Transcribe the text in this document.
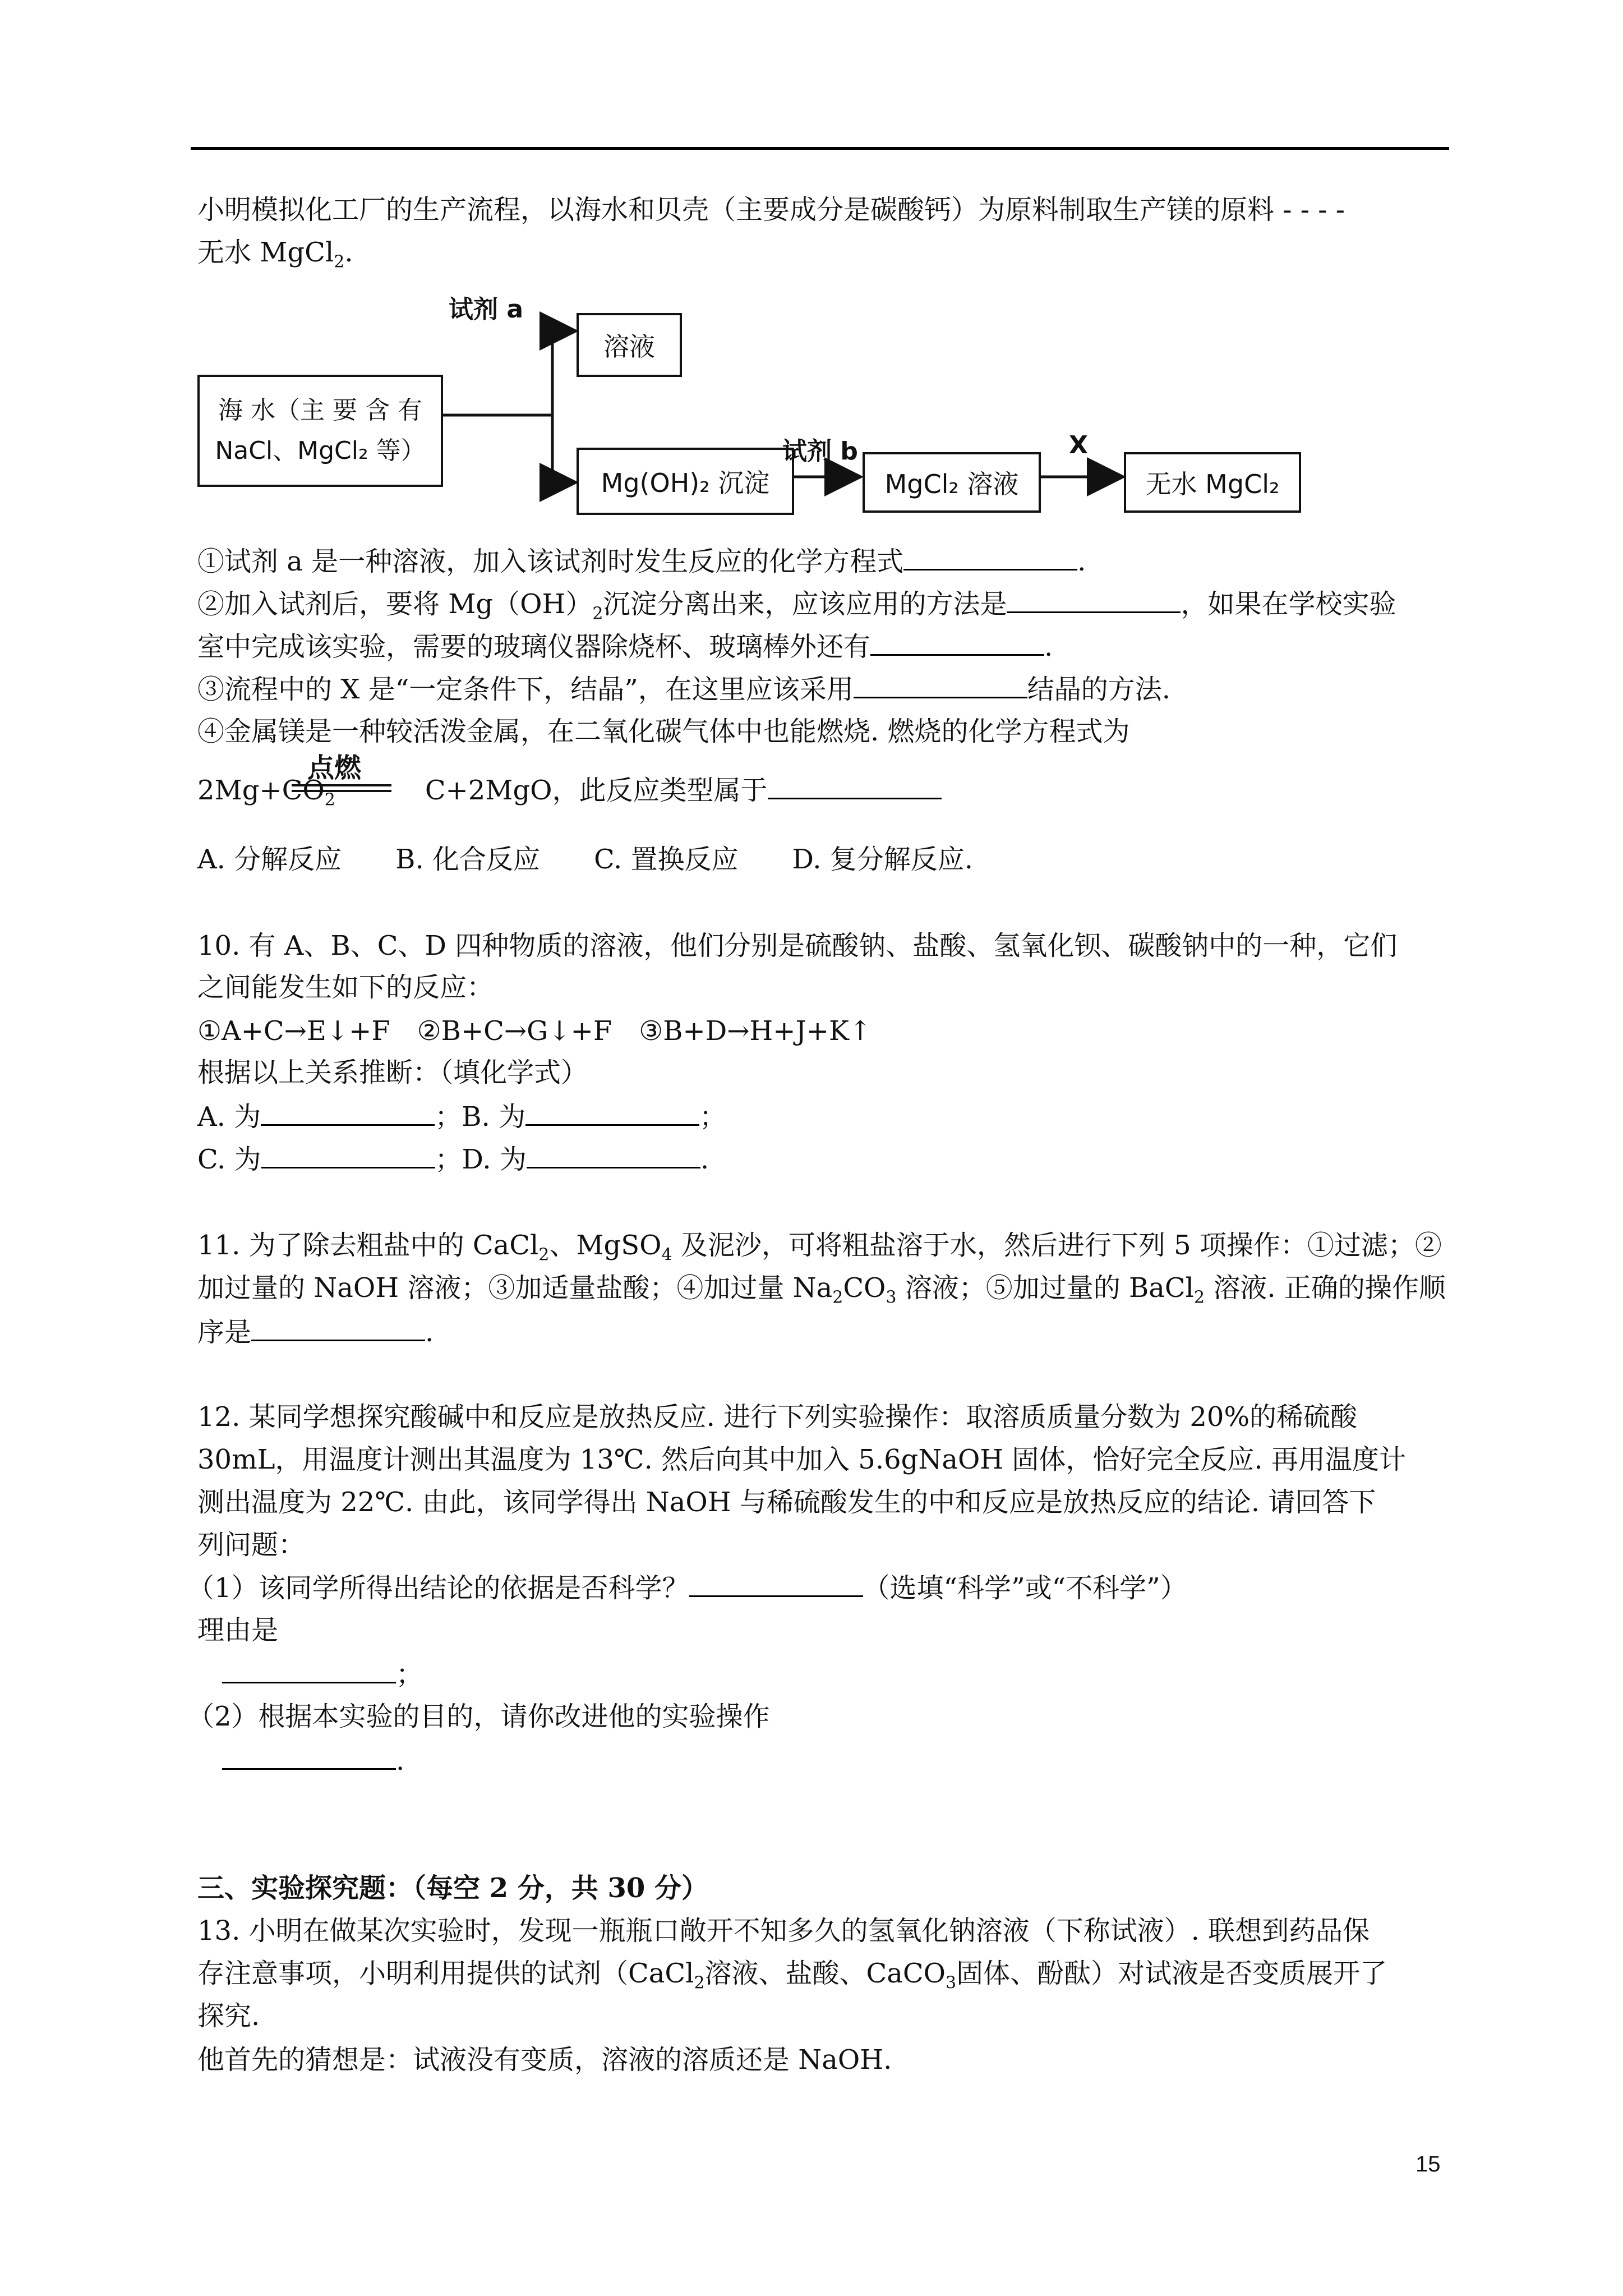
小明模拟化工厂的生产流程，以海水和贝壳（主要成分是碳酸钙）为原料制取生产镁的原料 - - - -
无水 MgCl$_2$.
海 水（主 要 含 有
NaCl、MgCl₂ 等）
溶液
试剂 a
Mg(OH)₂ 沉淀
试剂 b
MgCl₂ 溶液
X
无水 MgCl₂
①试剂 a 是一种溶液，加入该试剂时发生反应的化学方程式	.
②加入试剂后，要将 $Mg(OH)_2$沉淀分离出来，应该应用的方法是	，如果在学校实验
室中完成该实验，需要的玻璃仪器除烧杯、玻璃棒外还有	.
③流程中的 X 是“一定条件下，结晶”，在这里应该采用	结晶的方法.
④金属镁是一种较活泼金属，在二氧化碳气体中也能燃烧. 燃烧的化学方程式为
点燃
$2Mg+CO_2$	C+2MgO，此反应类型属于
A. 分解反应　　B. 化合反应　　C. 置换反应　　D. 复分解反应.
10. 有 A、B、C、D 四种物质的溶液，他们分别是硫酸钠、盐酸、氢氧化钡、碳酸钠中的一种，它们
之间能发生如下的反应：
①A+C→E↓+F　②B+C→G↓+F　③B+D→H+J+K↑
根据以上关系推断：（填化学式）
A. 为	；B. 为	；
C. 为	；D. 为	.
11. 为了除去粗盐中的 CaCl$_2$、MgSO$_4$ 及泥沙，可将粗盐溶于水，然后进行下列 5 项操作：①过滤；②
加过量的 NaOH 溶液；③加适量盐酸；④加过量 $Na_2CO_3$ 溶液；⑤加过量的 BaCl$_2$ 溶液. 正确的操作顺
序是	.
12. 某同学想探究酸碱中和反应是放热反应. 进行下列实验操作：取溶质质量分数为 20%的稀硫酸
30mL，用温度计测出其温度为 13℃. 然后向其中加入 5.6gNaOH 固体，恰好完全反应. 再用温度计
测出温度为 22℃. 由此，该同学得出 NaOH 与稀硫酸发生的中和反应是放热反应的结论. 请回答下
列问题：
（1）该同学所得出结论的依据是否科学？	（选填“科学”或“不科学”）
理由是
；
（2）根据本实验的目的，请你改进他的实验操作
.
三、实验探究题：（每空 2 分，共 30 分）
13. 小明在做某次实验时，发现一瓶瓶口敞开不知多久的氢氧化钠溶液（下称试液）. 联想到药品保
存注意事项，小明利用提供的试剂（CaCl$_2$溶液、盐酸、CaCO$_3$固体、酚酞）对试液是否变质展开了
探究.
他首先的猜想是：试液没有变质，溶液的溶质还是 NaOH.
15
